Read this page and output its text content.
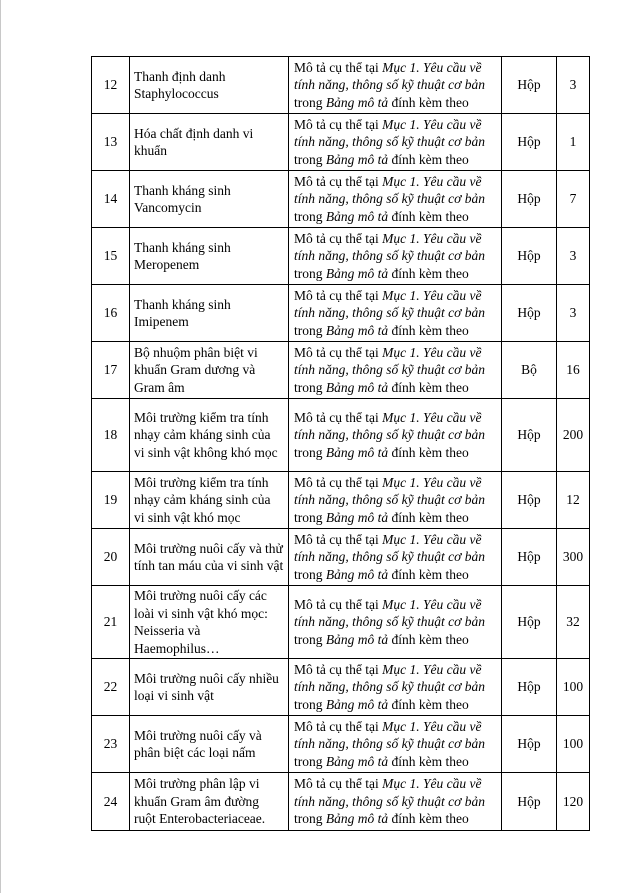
12	Thanh định danh Staphylococcus	Mô tả cụ thể tại Mục 1. Yêu cầu về tính năng, thông số kỹ thuật cơ bản trong Bảng mô tả đính kèm theo	Hộp	3
13	Hóa chất định danh vi khuẩn	Mô tả cụ thể tại Mục 1. Yêu cầu về tính năng, thông số kỹ thuật cơ bản trong Bảng mô tả đính kèm theo	Hộp	1
14	Thanh kháng sinh Vancomycin	Mô tả cụ thể tại Mục 1. Yêu cầu về tính năng, thông số kỹ thuật cơ bản trong Bảng mô tả đính kèm theo	Hộp	7
15	Thanh kháng sinh Meropenem	Mô tả cụ thể tại Mục 1. Yêu cầu về tính năng, thông số kỹ thuật cơ bản trong Bảng mô tả đính kèm theo	Hộp	3
16	Thanh kháng sinh Imipenem	Mô tả cụ thể tại Mục 1. Yêu cầu về tính năng, thông số kỹ thuật cơ bản trong Bảng mô tả đính kèm theo	Hộp	3
17	Bộ nhuộm phân biệt vi khuẩn Gram dương và Gram âm	Mô tả cụ thể tại Mục 1. Yêu cầu về tính năng, thông số kỹ thuật cơ bản trong Bảng mô tả đính kèm theo	Bộ	16
18	Môi trường kiểm tra tính nhạy cảm kháng sinh của vi sinh vật không khó mọc	Mô tả cụ thể tại Mục 1. Yêu cầu về tính năng, thông số kỹ thuật cơ bản trong Bảng mô tả đính kèm theo	Hộp	200
19	Môi trường kiểm tra tính nhạy cảm kháng sinh của vi sinh vật khó mọc	Mô tả cụ thể tại Mục 1. Yêu cầu về tính năng, thông số kỹ thuật cơ bản trong Bảng mô tả đính kèm theo	Hộp	12
20	Môi trường nuôi cấy và thử tính tan máu của vi sinh vật	Mô tả cụ thể tại Mục 1. Yêu cầu về tính năng, thông số kỹ thuật cơ bản trong Bảng mô tả đính kèm theo	Hộp	300
21	Môi trường nuôi cấy các loài vi sinh vật khó mọc: Neisseria và Haemophilus…	Mô tả cụ thể tại Mục 1. Yêu cầu về tính năng, thông số kỹ thuật cơ bản trong Bảng mô tả đính kèm theo	Hộp	32
22	Môi trường nuôi cấy nhiều loại vi sinh vật	Mô tả cụ thể tại Mục 1. Yêu cầu về tính năng, thông số kỹ thuật cơ bản trong Bảng mô tả đính kèm theo	Hộp	100
23	Môi trường nuôi cấy và phân biệt các loại nấm	Mô tả cụ thể tại Mục 1. Yêu cầu về tính năng, thông số kỹ thuật cơ bản trong Bảng mô tả đính kèm theo	Hộp	100
24	Môi trường phân lập vi khuẩn Gram âm đường ruột Enterobacteriaceae.	Mô tả cụ thể tại Mục 1. Yêu cầu về tính năng, thông số kỹ thuật cơ bản trong Bảng mô tả đính kèm theo	Hộp	120
